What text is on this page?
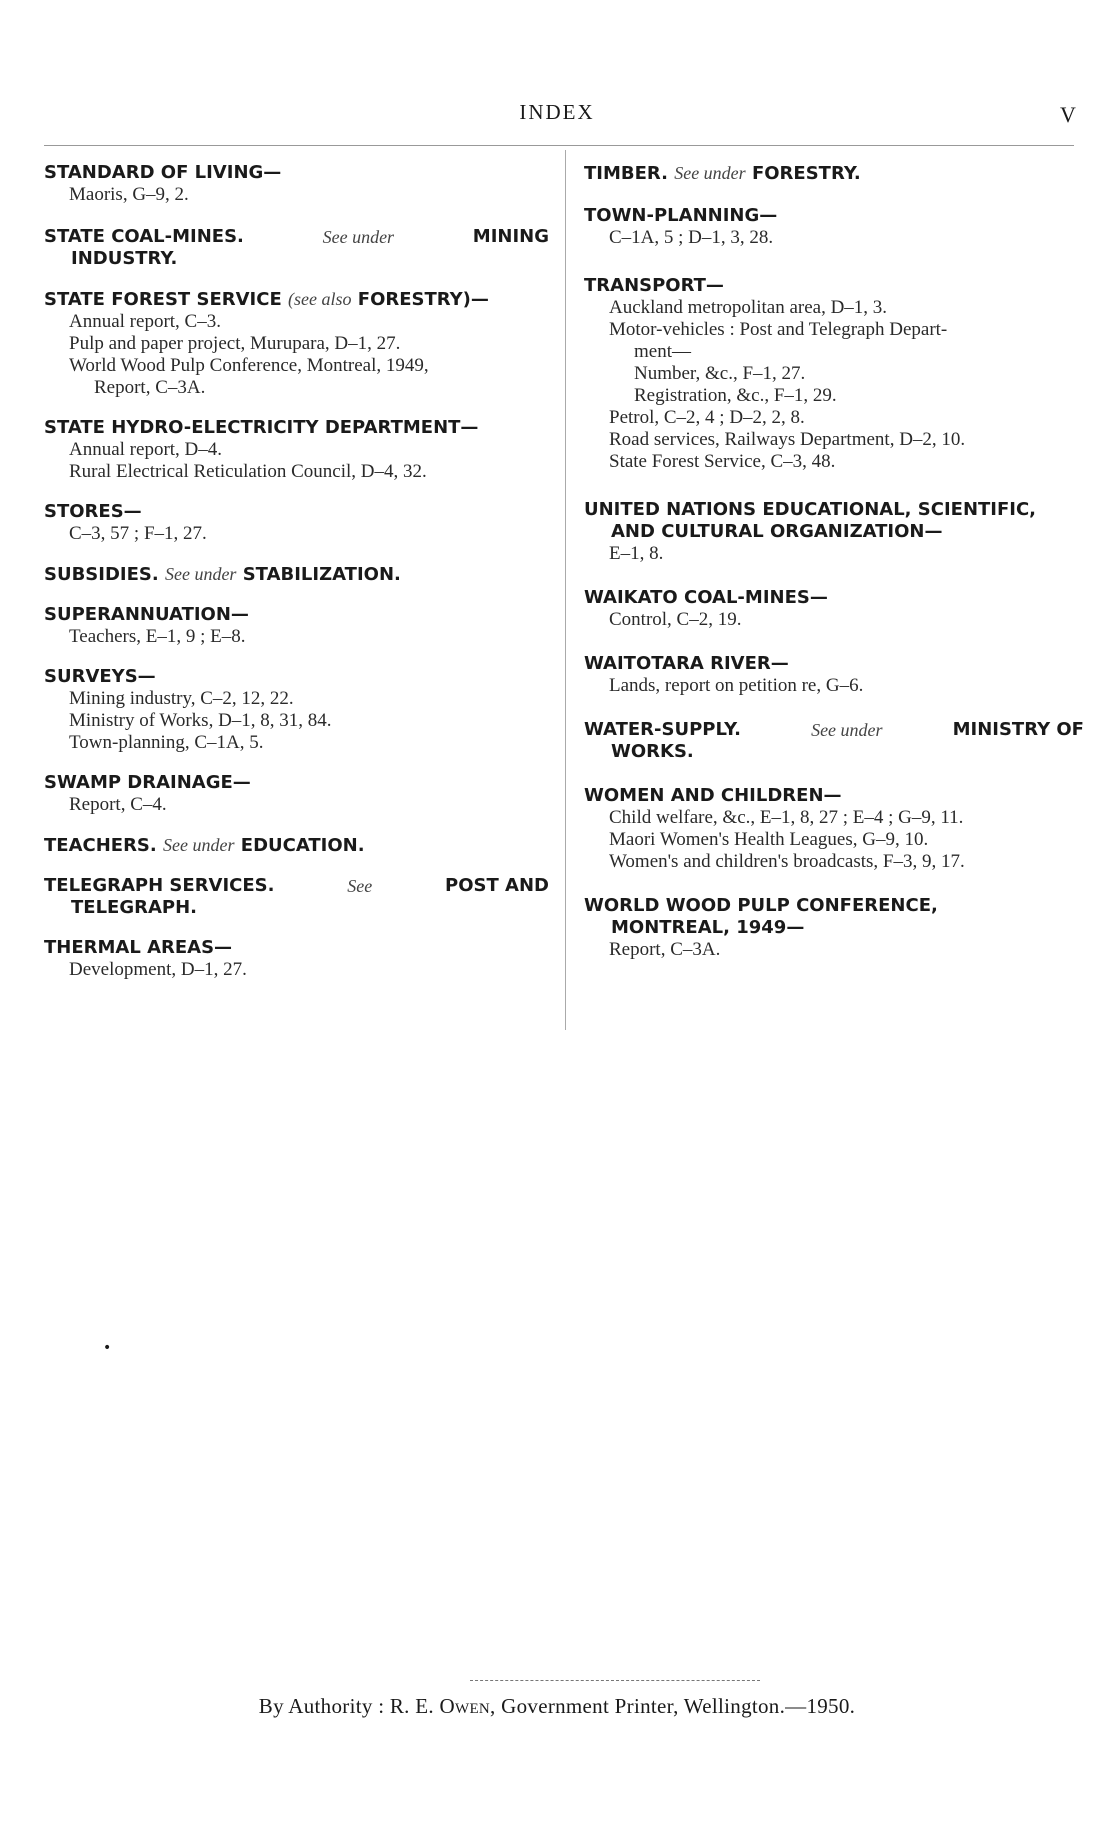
INDEX	V
STANDARD OF LIVING—
Maoris, G–9, 2.
STATE COAL-MINES.	See under	MINING
INDUSTRY.
STATE FOREST SERVICE (see also FORESTRY)—
Annual report, C–3.
Pulp and paper project, Murupara, D–1, 27.
World Wood Pulp Conference, Montreal, 1949,
Report, C–3A.
STATE HYDRO-ELECTRICITY DEPARTMENT—
Annual report, D–4.
Rural Electrical Reticulation Council, D–4, 32.
STORES—
C–3, 57 ; F–1, 27.
SUBSIDIES. See under STABILIZATION.
SUPERANNUATION—
Teachers, E–1, 9 ; E–8.
SURVEYS—
Mining industry, C–2, 12, 22.
Ministry of Works, D–1, 8, 31, 84.
Town-planning, C–1A, 5.
SWAMP DRAINAGE—
Report, C–4.
TEACHERS. See under EDUCATION.
TELEGRAPH SERVICES.	See	POST AND
TELEGRAPH.
THERMAL AREAS—
Development, D–1, 27.
TIMBER. See under FORESTRY.
TOWN-PLANNING—
C–1A, 5 ; D–1, 3, 28.
TRANSPORT—
Auckland metropolitan area, D–1, 3.
Motor-vehicles : Post and Telegraph Depart-
ment—
Number, &c., F–1, 27.
Registration, &c., F–1, 29.
Petrol, C–2, 4 ; D–2, 2, 8.
Road services, Railways Department, D–2, 10.
State Forest Service, C–3, 48.
UNITED NATIONS EDUCATIONAL, SCIENTIFIC,
AND CULTURAL ORGANIZATION—
E–1, 8.
WAIKATO COAL-MINES—
Control, C–2, 19.
WAITOTARA RIVER—
Lands, report on petition re, G–6.
WATER-SUPPLY.	See under	MINISTRY OF
WORKS.
WOMEN AND CHILDREN—
Child welfare, &c., E–1, 8, 27 ; E–4 ; G–9, 11.
Maori Women's Health Leagues, G–9, 10.
Women's and children's broadcasts, F–3, 9, 17.
WORLD WOOD PULP CONFERENCE,
MONTREAL, 1949—
Report, C–3A.
•
By Authority : R. E. Owen, Government Printer, Wellington.—1950.
